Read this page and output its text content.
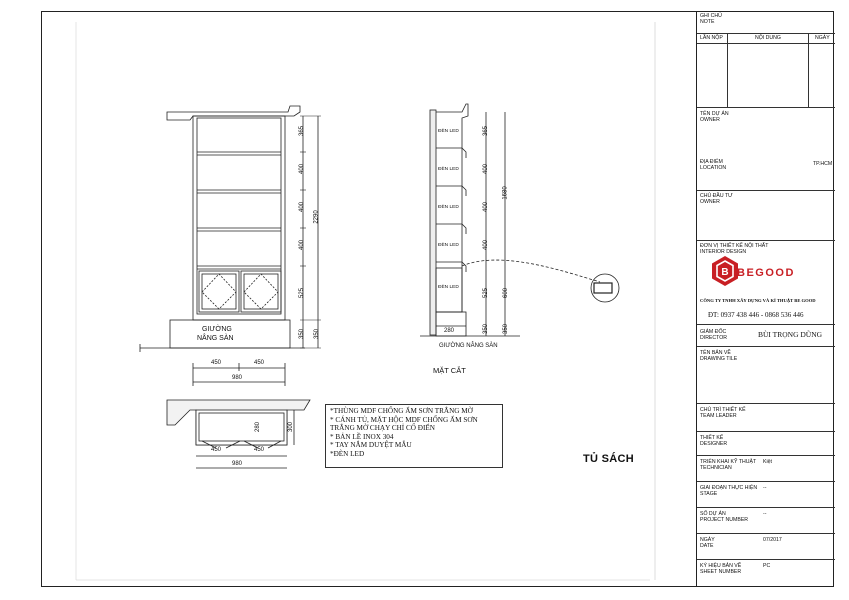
GIƯỜNG
NÂNG SÀN
GIƯỜNG NÂNG SÀN
MẶT CẮT
450	450
980
365
400
400
400
525
350
2290
350
ĐÈN LED
ĐÈN LED
ĐÈN LED
ĐÈN LED
ĐÈN LED
365
400
400
400
525
350
1680
600
350
280
280	300
450	450
980
*THÙNG MDF CHỐNG ẨM SƠN TRẮNG MỜ
* CÁNH TỦ, MẶT HỘC MDF CHỐNG ẨM SƠN
TRẮNG MỜ CHẠY CHỈ CỔ ĐIỂN
* BẢN LỀ INOX 304
* TAY NẮM DUYỆT MẪU
*ĐÈN LED	TỦ SÁCH
GHI CHÚ
NOTE
LẦN NỘP	NỘI DUNG	NGÀY
TÊN DỰ ÁN
OWNER
ĐỊA ĐIỂM
LOCATION
TP.HCM
CHỦ ĐẦU TƯ
OWNER
ĐƠN VỊ THIẾT KẾ NỘI THẤT
INTERIOR DESIGN
GIÁM ĐỐC
DIRECTOR
TÊN BẢN VẼ
DRAWING TILE
CHỦ TRÌ THIẾT KẾ
TEAM LEADER
THIẾT KẾ
DESIGNER
TRIỂN KHAI KỸ THUẬT
TECHNICIAN
Kiệt
GIAI ĐOẠN THỰC HIỆN
STAGE
--
SỐ DỰ ÁN
PROJECT NUMBER
--
NGÀY
DATE
07/2017
KÝ HIỆU BẢN VẼ
SHEET NUMBER
PC
B BEGOOD
CÔNG TY TNHH XÂY DỰNG VÀ KĨ THUẬT BE GOOD
ĐT: 0937 438 446 - 0868 536 446
BÙI TRỌNG DŨNG
